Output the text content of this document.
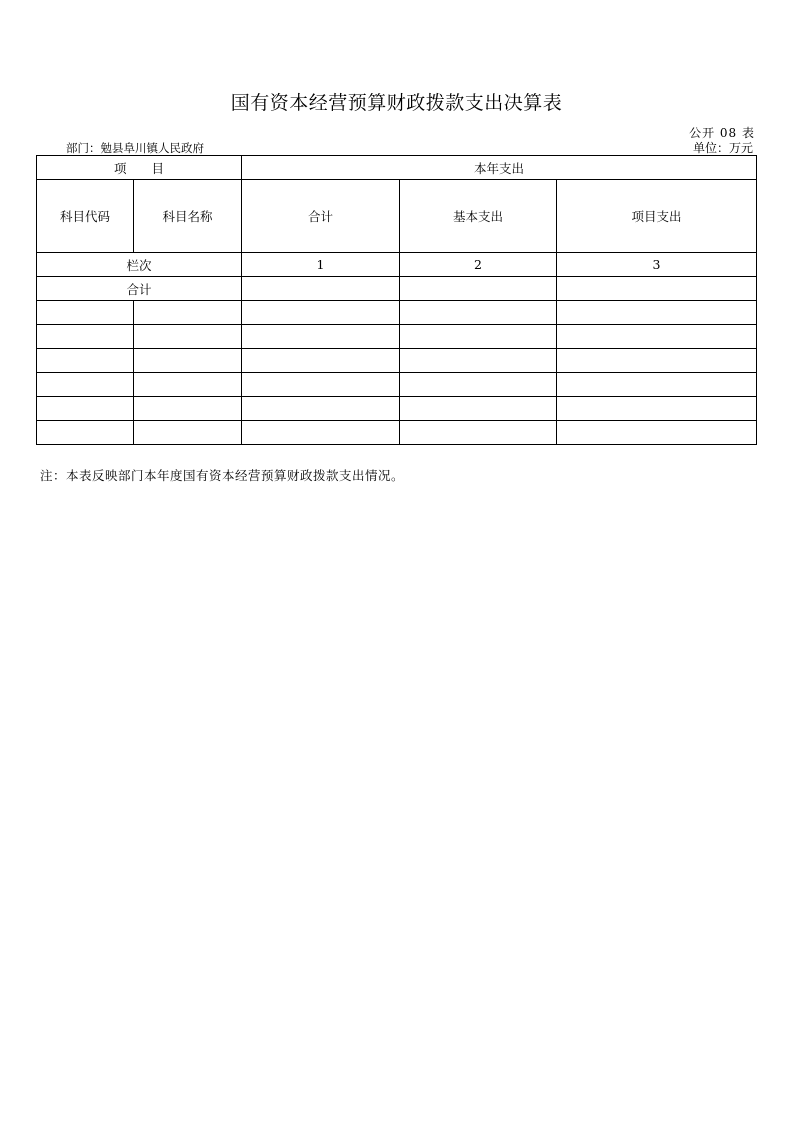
国有资本经营预算财政拨款支出决算表
公开 08 表
部门：勉县阜川镇人民政府	单位：万元
项　　目		本年支出		
科目代码	科目名称	合计	基本支出	项目支出
栏次		1	2	3
合计				

注：本表反映部门本年度国有资本经营预算财政拨款支出情况。
